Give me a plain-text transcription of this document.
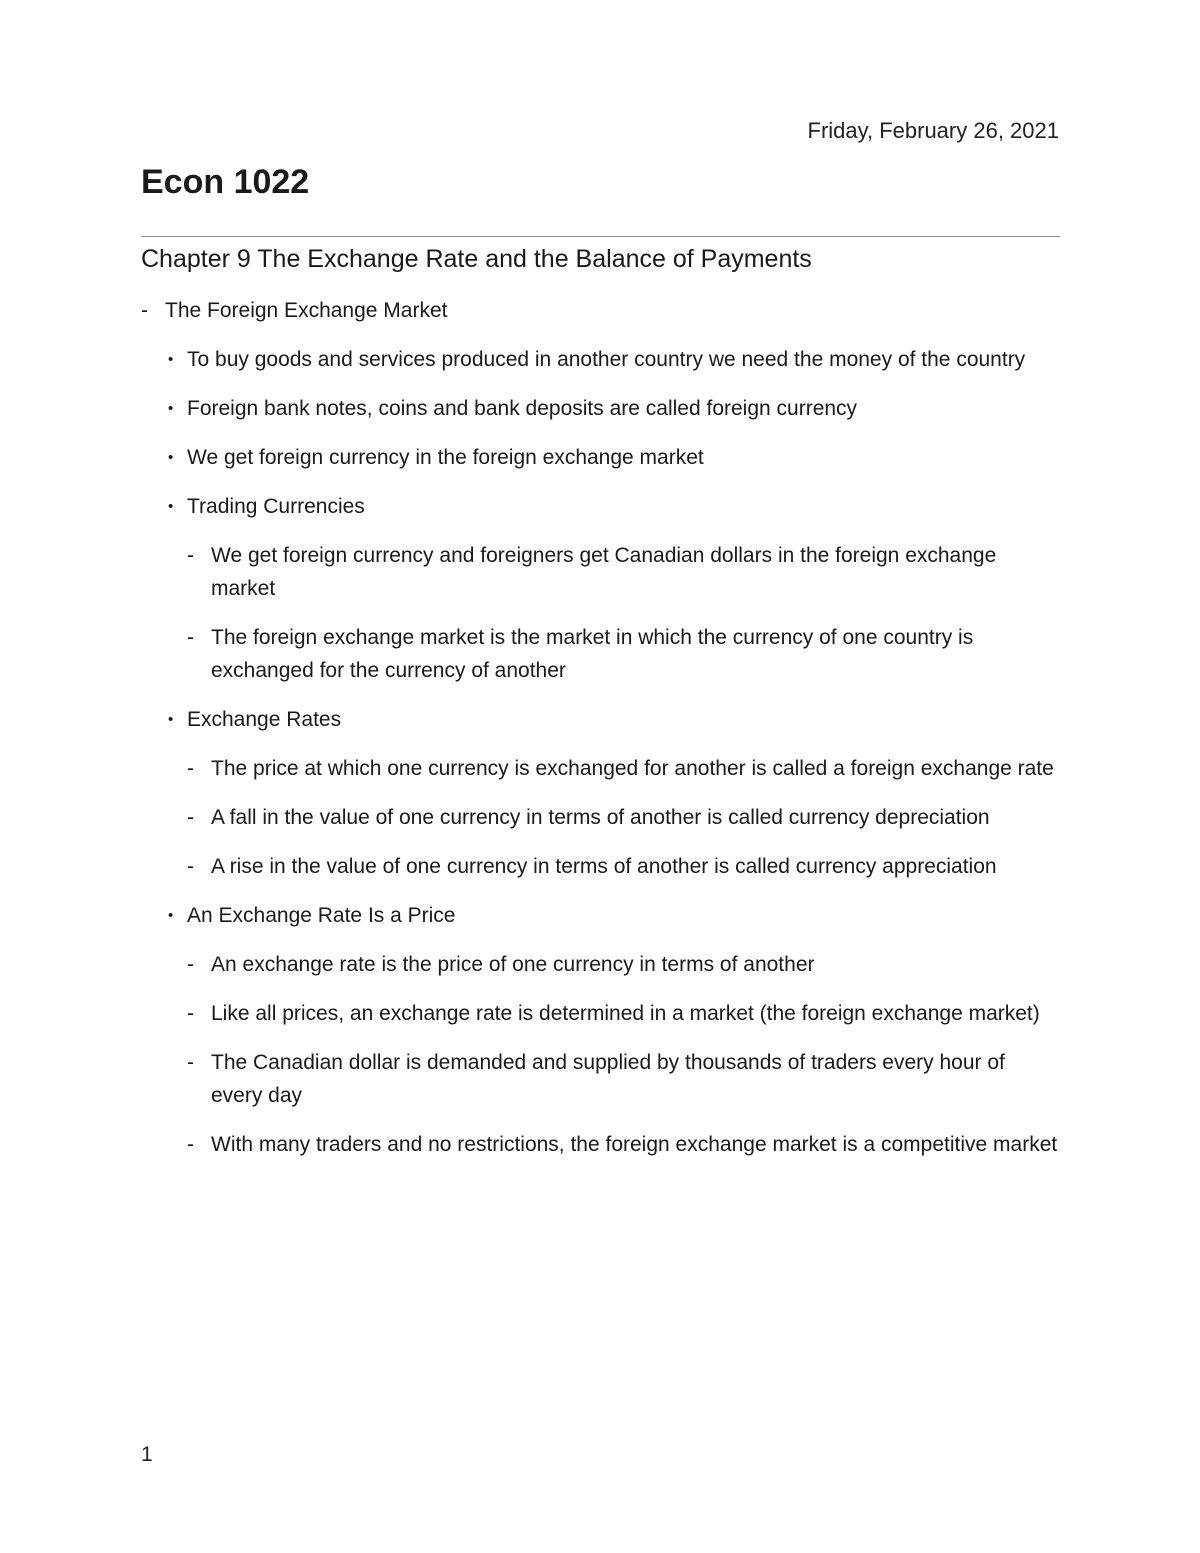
Friday, February 26, 2021
Econ 1022
Chapter 9 The Exchange Rate and the Balance of Payments
- The Foreign Exchange Market
• To buy goods and services produced in another country we need the money of the country
• Foreign bank notes, coins and bank deposits are called foreign currency
• We get foreign currency in the foreign exchange market
• Trading Currencies
- We get foreign currency and foreigners get Canadian dollars in the foreign exchange market
- The foreign exchange market is the market in which the currency of one country is exchanged for the currency of another
• Exchange Rates
- The price at which one currency is exchanged for another is called a foreign exchange rate
- A fall in the value of one currency in terms of another is called currency depreciation
- A rise in the value of one currency in terms of another is called currency appreciation
• An Exchange Rate Is a Price
- An exchange rate is the price of one currency in terms of another
- Like all prices, an exchange rate is determined in a market (the foreign exchange market)
- The Canadian dollar is demanded and supplied by thousands of traders every hour of every day
- With many traders and no restrictions, the foreign exchange market is a competitive market
1
